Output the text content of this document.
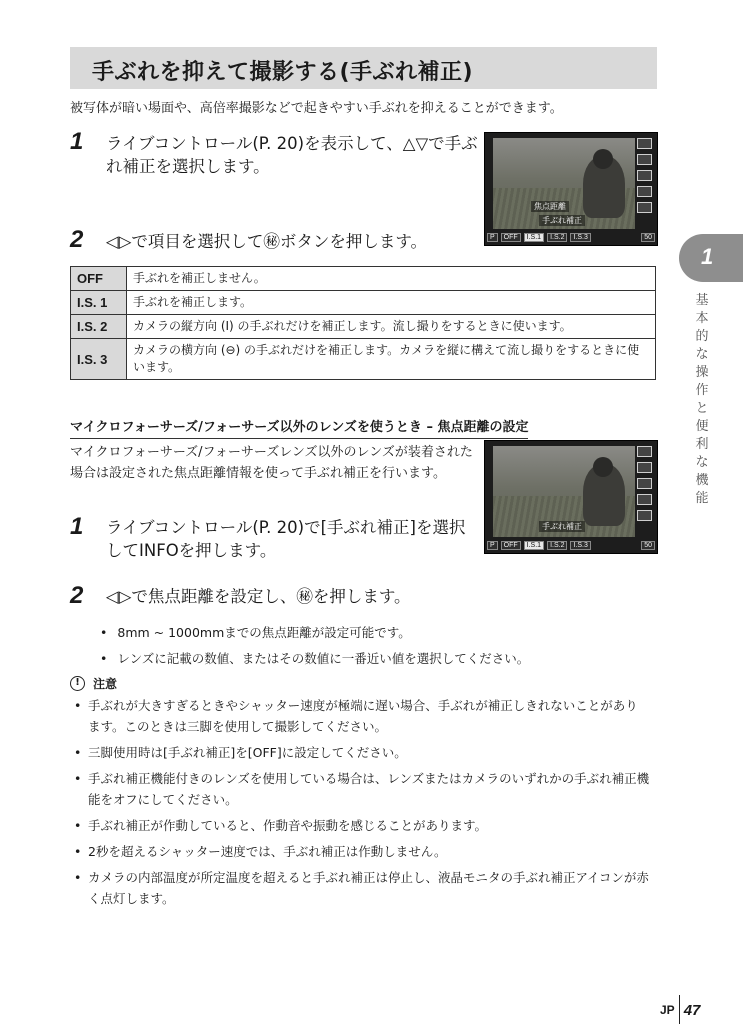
手ぶれを抑えて撮影する(手ぶれ補正)
被写体が暗い場面や、高倍率撮影などで起きやすい手ぶれを抑えることができます。
1 ライブコントロール(P. 20)を表示して、△▽で手ぶれ補正を選択します。
2 ◁▷で項目を選択して㊙ボタンを押します。
焦点距離
手ぶれ補正
P	OFF	I.S.1	I.S.2	I.S.3	50
OFF	手ぶれを補正しません。
I.S. 1	手ぶれを補正します。
I.S. 2	カメラの縦方向 (I) の手ぶれだけを補正します。流し撮りをするときに使います。
I.S. 3	カメラの横方向 (⊖) の手ぶれだけを補正します。カメラを縦に構えて流し撮りをするときに使います。
マイクロフォーサーズ/フォーサーズ以外のレンズを使うとき – 焦点距離の設定
マイクロフォーサーズ/フォーサーズレンズ以外のレンズが装着された場合は設定された焦点距離情報を使って手ぶれ補正を行います。
手ぶれ補正
P	OFF	I.S.1	I.S.2	I.S.3	50
1 ライブコントロール(P. 20)で[手ぶれ補正]を選択してINFOを押します。
2 ◁▷で焦点距離を設定し、㊙を押します。
• 8mm ~ 1000mmまでの焦点距離が設定可能です。
• レンズに記載の数値、またはその数値に一番近い値を選択してください。
!	注意
• 手ぶれが大きすぎるときやシャッター速度が極端に遅い場合、手ぶれが補正しきれないことがあります。このときは三脚を使用して撮影してください。
• 三脚使用時は[手ぶれ補正]を[OFF]に設定してください。
• 手ぶれ補正機能付きのレンズを使用している場合は、レンズまたはカメラのいずれかの手ぶれ補正機能をオフにしてください。
• 手ぶれ補正が作動していると、作動音や振動を感じることがあります。
• 2秒を超えるシャッター速度では、手ぶれ補正は作動しません。
• カメラの内部温度が所定温度を超えると手ぶれ補正は停止し、液晶モニタの手ぶれ補正アイコンが赤く点灯します。
1
基本的な操作と便利な機能
JP 47
